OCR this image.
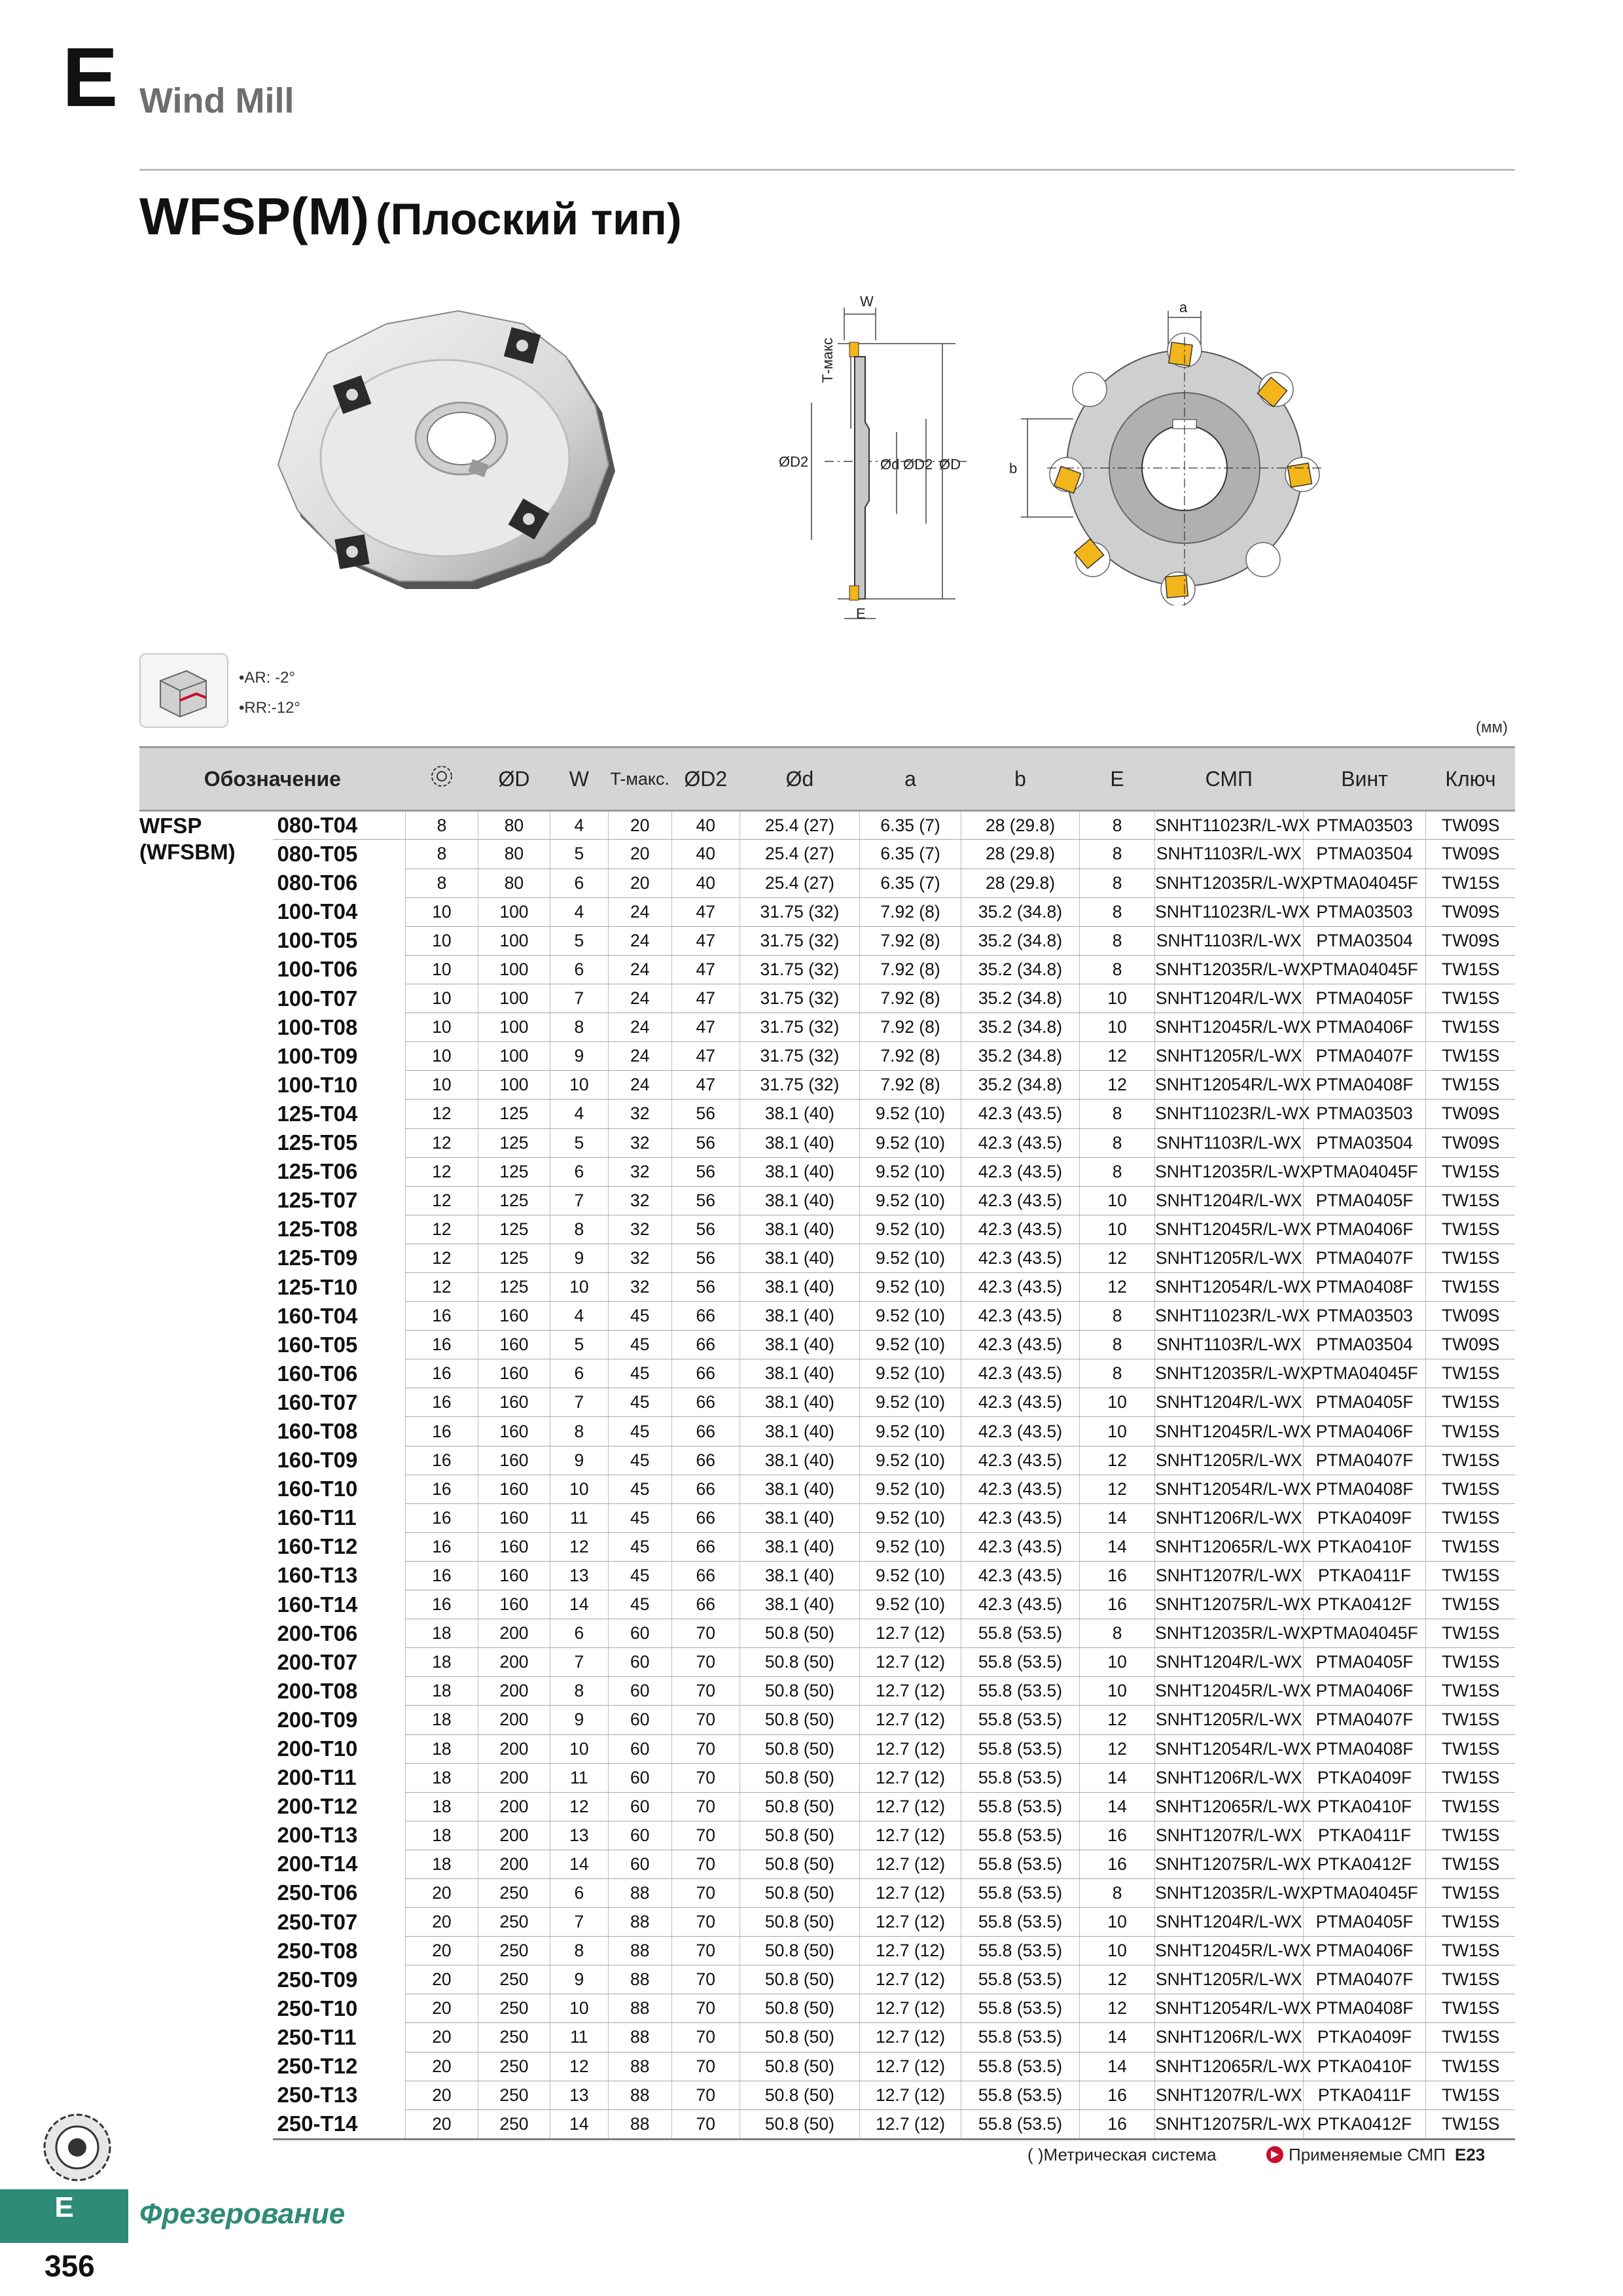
E Wind Mill
WFSP(M) (Плоский тип)
W
Т-макс
ØD2	Ød ØD2 ØD
E
a
b
•AR: -2°
•RR:-12°
(мм)
Обозначение			ØD	W	T-макс.	ØD2	Ød	a	b	E	СМП	Винт	Ключ

WFSP
(WFSBM)	080-T04	8	80	4	20	40	25.4 (27)	6.35 (7)	28 (29.8)	8	SNHT11023R/L-WX	PTMA03503	TW09S
	080-T05	8	80	5	20	40	25.4 (27)	6.35 (7)	28 (29.8)	8	SNHT1103R/L-WX	PTMA03504	TW09S
	080-T06	8	80	6	20	40	25.4 (27)	6.35 (7)	28 (29.8)	8	SNHT12035R/L-WX	PTMA04045F	TW15S
	100-T04	10	100	4	24	47	31.75 (32)	7.92 (8)	35.2 (34.8)	8	SNHT11023R/L-WX	PTMA03503	TW09S
	100-T05	10	100	5	24	47	31.75 (32)	7.92 (8)	35.2 (34.8)	8	SNHT1103R/L-WX	PTMA03504	TW09S
	100-T06	10	100	6	24	47	31.75 (32)	7.92 (8)	35.2 (34.8)	8	SNHT12035R/L-WX	PTMA04045F	TW15S
	100-T07	10	100	7	24	47	31.75 (32)	7.92 (8)	35.2 (34.8)	10	SNHT1204R/L-WX	PTMA0405F	TW15S
	100-T08	10	100	8	24	47	31.75 (32)	7.92 (8)	35.2 (34.8)	10	SNHT12045R/L-WX	PTMA0406F	TW15S
	100-T09	10	100	9	24	47	31.75 (32)	7.92 (8)	35.2 (34.8)	12	SNHT1205R/L-WX	PTMA0407F	TW15S
	100-T10	10	100	10	24	47	31.75 (32)	7.92 (8)	35.2 (34.8)	12	SNHT12054R/L-WX	PTMA0408F	TW15S
	125-T04	12	125	4	32	56	38.1 (40)	9.52 (10)	42.3 (43.5)	8	SNHT11023R/L-WX	PTMA03503	TW09S
	125-T05	12	125	5	32	56	38.1 (40)	9.52 (10)	42.3 (43.5)	8	SNHT1103R/L-WX	PTMA03504	TW09S
	125-T06	12	125	6	32	56	38.1 (40)	9.52 (10)	42.3 (43.5)	8	SNHT12035R/L-WX	PTMA04045F	TW15S
	125-T07	12	125	7	32	56	38.1 (40)	9.52 (10)	42.3 (43.5)	10	SNHT1204R/L-WX	PTMA0405F	TW15S
	125-T08	12	125	8	32	56	38.1 (40)	9.52 (10)	42.3 (43.5)	10	SNHT12045R/L-WX	PTMA0406F	TW15S
	125-T09	12	125	9	32	56	38.1 (40)	9.52 (10)	42.3 (43.5)	12	SNHT1205R/L-WX	PTMA0407F	TW15S
	125-T10	12	125	10	32	56	38.1 (40)	9.52 (10)	42.3 (43.5)	12	SNHT12054R/L-WX	PTMA0408F	TW15S
	160-T04	16	160	4	45	66	38.1 (40)	9.52 (10)	42.3 (43.5)	8	SNHT11023R/L-WX	PTMA03503	TW09S
	160-T05	16	160	5	45	66	38.1 (40)	9.52 (10)	42.3 (43.5)	8	SNHT1103R/L-WX	PTMA03504	TW09S
	160-T06	16	160	6	45	66	38.1 (40)	9.52 (10)	42.3 (43.5)	8	SNHT12035R/L-WX	PTMA04045F	TW15S
	160-T07	16	160	7	45	66	38.1 (40)	9.52 (10)	42.3 (43.5)	10	SNHT1204R/L-WX	PTMA0405F	TW15S
	160-T08	16	160	8	45	66	38.1 (40)	9.52 (10)	42.3 (43.5)	10	SNHT12045R/L-WX	PTMA0406F	TW15S
	160-T09	16	160	9	45	66	38.1 (40)	9.52 (10)	42.3 (43.5)	12	SNHT1205R/L-WX	PTMA0407F	TW15S
	160-T10	16	160	10	45	66	38.1 (40)	9.52 (10)	42.3 (43.5)	12	SNHT12054R/L-WX	PTMA0408F	TW15S
	160-T11	16	160	11	45	66	38.1 (40)	9.52 (10)	42.3 (43.5)	14	SNHT1206R/L-WX	PTKA0409F	TW15S
	160-T12	16	160	12	45	66	38.1 (40)	9.52 (10)	42.3 (43.5)	14	SNHT12065R/L-WX	PTKA0410F	TW15S
	160-T13	16	160	13	45	66	38.1 (40)	9.52 (10)	42.3 (43.5)	16	SNHT1207R/L-WX	PTKA0411F	TW15S
	160-T14	16	160	14	45	66	38.1 (40)	9.52 (10)	42.3 (43.5)	16	SNHT12075R/L-WX	PTKA0412F	TW15S
	200-T06	18	200	6	60	70	50.8 (50)	12.7 (12)	55.8 (53.5)	8	SNHT12035R/L-WX	PTMA04045F	TW15S
	200-T07	18	200	7	60	70	50.8 (50)	12.7 (12)	55.8 (53.5)	10	SNHT1204R/L-WX	PTMA0405F	TW15S
	200-T08	18	200	8	60	70	50.8 (50)	12.7 (12)	55.8 (53.5)	10	SNHT12045R/L-WX	PTMA0406F	TW15S
	200-T09	18	200	9	60	70	50.8 (50)	12.7 (12)	55.8 (53.5)	12	SNHT1205R/L-WX	PTMA0407F	TW15S
	200-T10	18	200	10	60	70	50.8 (50)	12.7 (12)	55.8 (53.5)	12	SNHT12054R/L-WX	PTMA0408F	TW15S
	200-T11	18	200	11	60	70	50.8 (50)	12.7 (12)	55.8 (53.5)	14	SNHT1206R/L-WX	PTKA0409F	TW15S
	200-T12	18	200	12	60	70	50.8 (50)	12.7 (12)	55.8 (53.5)	14	SNHT12065R/L-WX	PTKA0410F	TW15S
	200-T13	18	200	13	60	70	50.8 (50)	12.7 (12)	55.8 (53.5)	16	SNHT1207R/L-WX	PTKA0411F	TW15S
	200-T14	18	200	14	60	70	50.8 (50)	12.7 (12)	55.8 (53.5)	16	SNHT12075R/L-WX	PTKA0412F	TW15S
	250-T06	20	250	6	88	70	50.8 (50)	12.7 (12)	55.8 (53.5)	8	SNHT12035R/L-WX	PTMA04045F	TW15S
	250-T07	20	250	7	88	70	50.8 (50)	12.7 (12)	55.8 (53.5)	10	SNHT1204R/L-WX	PTMA0405F	TW15S
	250-T08	20	250	8	88	70	50.8 (50)	12.7 (12)	55.8 (53.5)	10	SNHT12045R/L-WX	PTMA0406F	TW15S
	250-T09	20	250	9	88	70	50.8 (50)	12.7 (12)	55.8 (53.5)	12	SNHT1205R/L-WX	PTMA0407F	TW15S
	250-T10	20	250	10	88	70	50.8 (50)	12.7 (12)	55.8 (53.5)	12	SNHT12054R/L-WX	PTMA0408F	TW15S
	250-T11	20	250	11	88	70	50.8 (50)	12.7 (12)	55.8 (53.5)	14	SNHT1206R/L-WX	PTKA0409F	TW15S
	250-T12	20	250	12	88	70	50.8 (50)	12.7 (12)	55.8 (53.5)	14	SNHT12065R/L-WX	PTKA0410F	TW15S
	250-T13	20	250	13	88	70	50.8 (50)	12.7 (12)	55.8 (53.5)	16	SNHT1207R/L-WX	PTKA0411F	TW15S
	250-T14	20	250	14	88	70	50.8 (50)	12.7 (12)	55.8 (53.5)	16	SNHT12075R/L-WX	PTKA0412F	TW15S
( )Метрическая система	Применяемые СМП E23
E	Фрезерование
356
